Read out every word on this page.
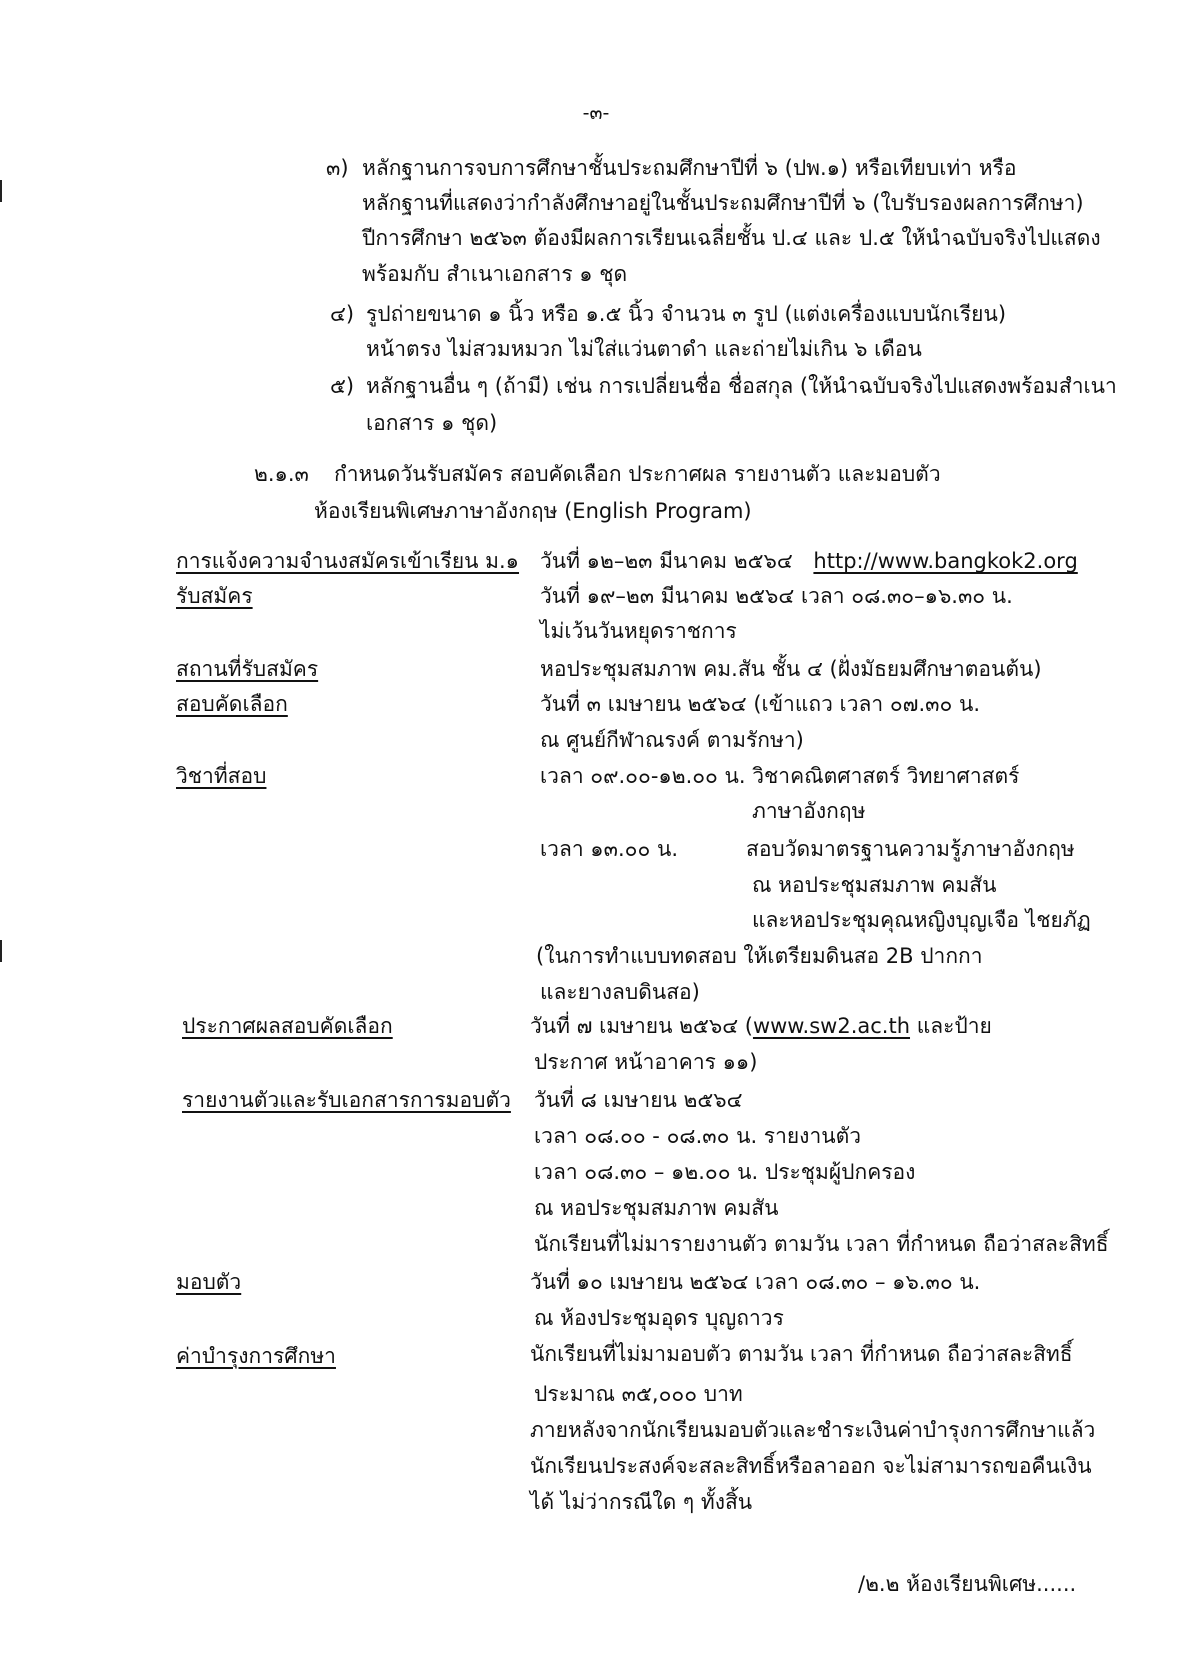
-๓-
๓) หลักฐานการจบการศึกษาชั้นประถมศึกษาปีที่ ๖ (ปพ.๑) หรือเทียบเท่า หรือ
หลักฐานที่แสดงว่ากำลังศึกษาอยู่ในชั้นประถมศึกษาปีที่ ๖ (ใบรับรองผลการศึกษา)
ปีการศึกษา ๒๕๖๓ ต้องมีผลการเรียนเฉลี่ยชั้น ป.๔ และ ป.๕ ให้นำฉบับจริงไปแสดง
พร้อมกับ สำเนาเอกสาร ๑ ชุด
๔) รูปถ่ายขนาด ๑ นิ้ว หรือ ๑.๕ นิ้ว จำนวน ๓ รูป (แต่งเครื่องแบบนักเรียน)
หน้าตรง ไม่สวมหมวก ไม่ใส่แว่นตาดำ และถ่ายไม่เกิน ๖ เดือน
๕) หลักฐานอื่น ๆ (ถ้ามี) เช่น การเปลี่ยนชื่อ ชื่อสกุล (ให้นำฉบับจริงไปแสดงพร้อมสำเนา
เอกสาร ๑ ชุด)
๒.๑.๓ กำหนดวันรับสมัคร สอบคัดเลือก ประกาศผล รายงานตัว และมอบตัว
ห้องเรียนพิเศษภาษาอังกฤษ (English Program)
การแจ้งความจำนงสมัครเข้าเรียน ม.๑
รับสมัคร
สถานที่รับสมัคร
สอบคัดเลือก
วิชาที่สอบ
ประกาศผลสอบคัดเลือก
รายงานตัวและรับเอกสารการมอบตัว
มอบตัว
ค่าบำรุงการศึกษา
วันที่ ๑๒–๒๓ มีนาคม ๒๕๖๔ http://www.bangkok2.org
วันที่ ๑๙–๒๓ มีนาคม ๒๕๖๔ เวลา ๐๘.๓๐–๑๖.๓๐ น.
ไม่เว้นวันหยุดราชการ
หอประชุมสมภาพ คม.สัน ชั้น ๔ (ฝั่งมัธยมศึกษาตอนต้น)
วันที่ ๓ เมษายน ๒๕๖๔ (เข้าแถว เวลา ๐๗.๓๐ น.
ณ ศูนย์กีฬาณรงค์ ตามรักษา)
เวลา ๐๙.๐๐-๑๒.๐๐ น. วิชาคณิตศาสตร์ วิทยาศาสตร์
ภาษาอังกฤษ
เวลา ๑๓.๐๐ น.	สอบวัดมาตรฐานความรู้ภาษาอังกฤษ
ณ หอประชุมสมภาพ คมสัน
และหอประชุมคุณหญิงบุญเจือ ไชยภัฏ
(ในการทำแบบทดสอบ ให้เตรียมดินสอ 2B ปากกา
และยางลบดินสอ)
วันที่ ๗ เมษายน ๒๕๖๔ (www.sw2.ac.th และป้าย
ประกาศ หน้าอาคาร ๑๑)
วันที่ ๘ เมษายน ๒๕๖๔
เวลา ๐๘.๐๐ - ๐๘.๓๐ น. รายงานตัว
เวลา ๐๘.๓๐ – ๑๒.๐๐ น. ประชุมผู้ปกครอง
ณ หอประชุมสมภาพ คมสัน
นักเรียนที่ไม่มารายงานตัว ตามวัน เวลา ที่กำหนด ถือว่าสละสิทธิ์
วันที่ ๑๐ เมษายน ๒๕๖๔ เวลา ๐๘.๓๐ – ๑๖.๓๐ น.
ณ ห้องประชุมอุดร บุญถาวร
นักเรียนที่ไม่มามอบตัว ตามวัน เวลา ที่กำหนด ถือว่าสละสิทธิ์
ประมาณ ๓๕,๐๐๐ บาท
ภายหลังจากนักเรียนมอบตัวและชำระเงินค่าบำรุงการศึกษาแล้ว
นักเรียนประสงค์จะสละสิทธิ์หรือลาออก จะไม่สามารถขอคืนเงิน
ได้ ไม่ว่ากรณีใด ๆ ทั้งสิ้น
/๒.๒ ห้องเรียนพิเศษ......
